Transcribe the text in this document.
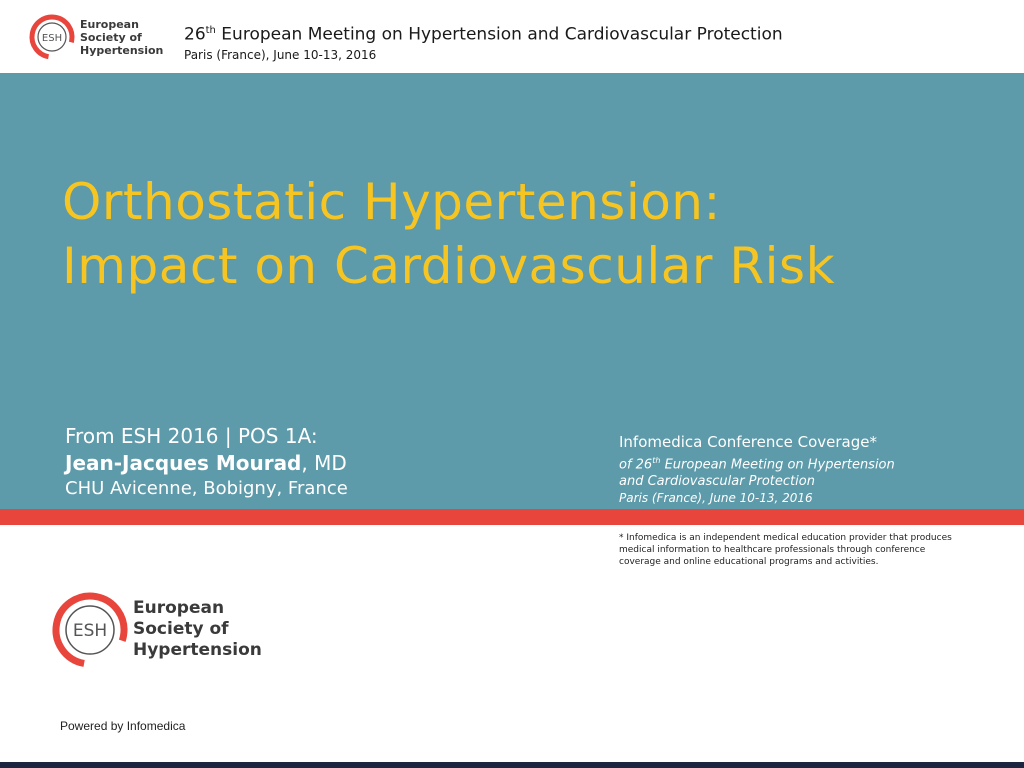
ESH
European
Society of
Hypertension
26th European Meeting on Hypertension and Cardiovascular Protection
Paris (France), June 10-13, 2016
Orthostatic Hypertension:
Impact on Cardiovascular Risk
From ESH 2016 | POS 1A:
Jean-Jacques Mourad, MD
CHU Avicenne, Bobigny, France
Infomedica Conference Coverage*
of 26th European Meeting on Hypertension
and Cardiovascular Protection
Paris (France), June 10-13, 2016
* Infomedica is an independent medical education provider that produces medical information to healthcare professionals through conference coverage and online educational programs and activities.
ESH
European
Society of
Hypertension
Powered by Infomedica
